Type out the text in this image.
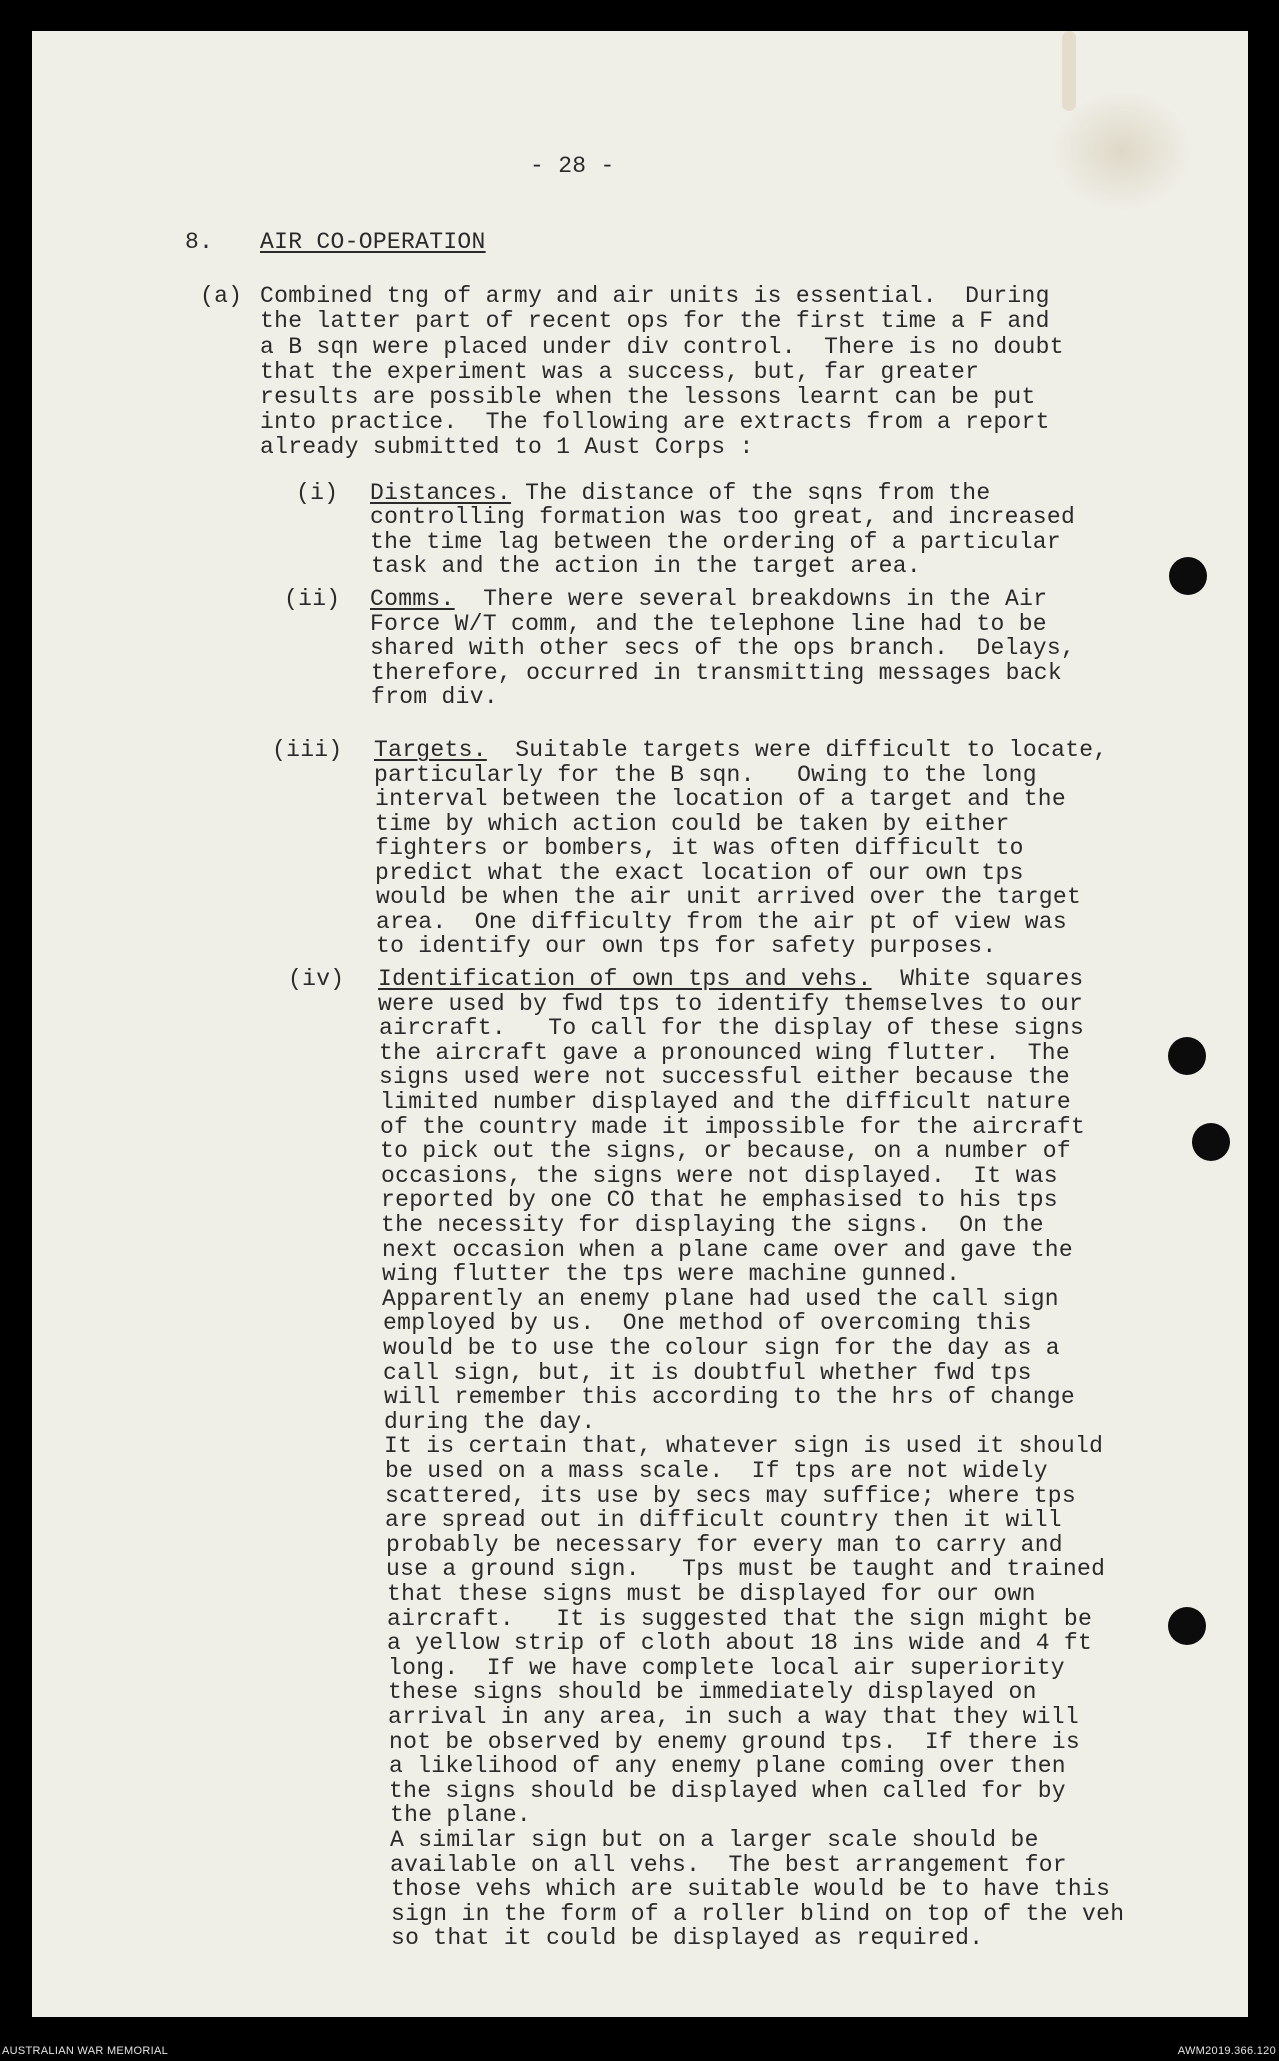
- 28 -
8. AIR CO-OPERATION
(a) Combined tng of army and air units is essential.  During
the latter part of recent ops for the first time a F and
a B sqn were placed under div control.  There is no doubt
that the experiment was a success, but, far greater
results are possible when the lessons learnt can be put
into practice.  The following are extracts from a report
already submitted to 1 Aust Corps :
(i) Distances. The distance of the sqns from the
controlling formation was too great, and increased
the time lag between the ordering of a particular
task and the action in the target area.
(ii) Comms. There were several breakdowns in the Air
Force W/T comm, and the telephone line had to be
shared with other secs of the ops branch.  Delays,
therefore, occurred in transmitting messages back
from div.
(iii) Targets. Suitable targets were difficult to locate,
particularly for the B sqn.   Owing to the long
interval between the location of a target and the
time by which action could be taken by either
fighters or bombers, it was often difficult to
predict what the exact location of our own tps
would be when the air unit arrived over the target
area.  One difficulty from the air pt of view was
to identify our own tps for safety purposes.
(iv) Identification of own tps and vehs. White squares
were used by fwd tps to identify themselves to our
aircraft.   To call for the display of these signs
the aircraft gave a pronounced wing flutter.  The
signs used were not successful either because the
limited number displayed and the difficult nature
of the country made it impossible for the aircraft
to pick out the signs, or because, on a number of
occasions, the signs were not displayed.  It was
reported by one CO that he emphasised to his tps
the necessity for displaying the signs.  On the
next occasion when a plane came over and gave the
wing flutter the tps were machine gunned.
Apparently an enemy plane had used the call sign
employed by us.  One method of overcoming this
would be to use the colour sign for the day as a
call sign, but, it is doubtful whether fwd tps
will remember this according to the hrs of change
during the day.
It is certain that, whatever sign is used it should
be used on a mass scale.  If tps are not widely
scattered, its use by secs may suffice; where tps
are spread out in difficult country then it will
probably be necessary for every man to carry and
use a ground sign.   Tps must be taught and trained
that these signs must be displayed for our own
aircraft.   It is suggested that the sign might be
a yellow strip of cloth about 18 ins wide and 4 ft
long.  If we have complete local air superiority
these signs should be immediately displayed on
arrival in any area, in such a way that they will
not be observed by enemy ground tps.  If there is
a likelihood of any enemy plane coming over then
the signs should be displayed when called for by
the plane.
A similar sign but on a larger scale should be
available on all vehs.  The best arrangement for
those vehs which are suitable would be to have this
sign in the form of a roller blind on top of the veh
so that it could be displayed as required.
AUSTRALIAN WAR MEMORIAL	AWM2019.366.120
